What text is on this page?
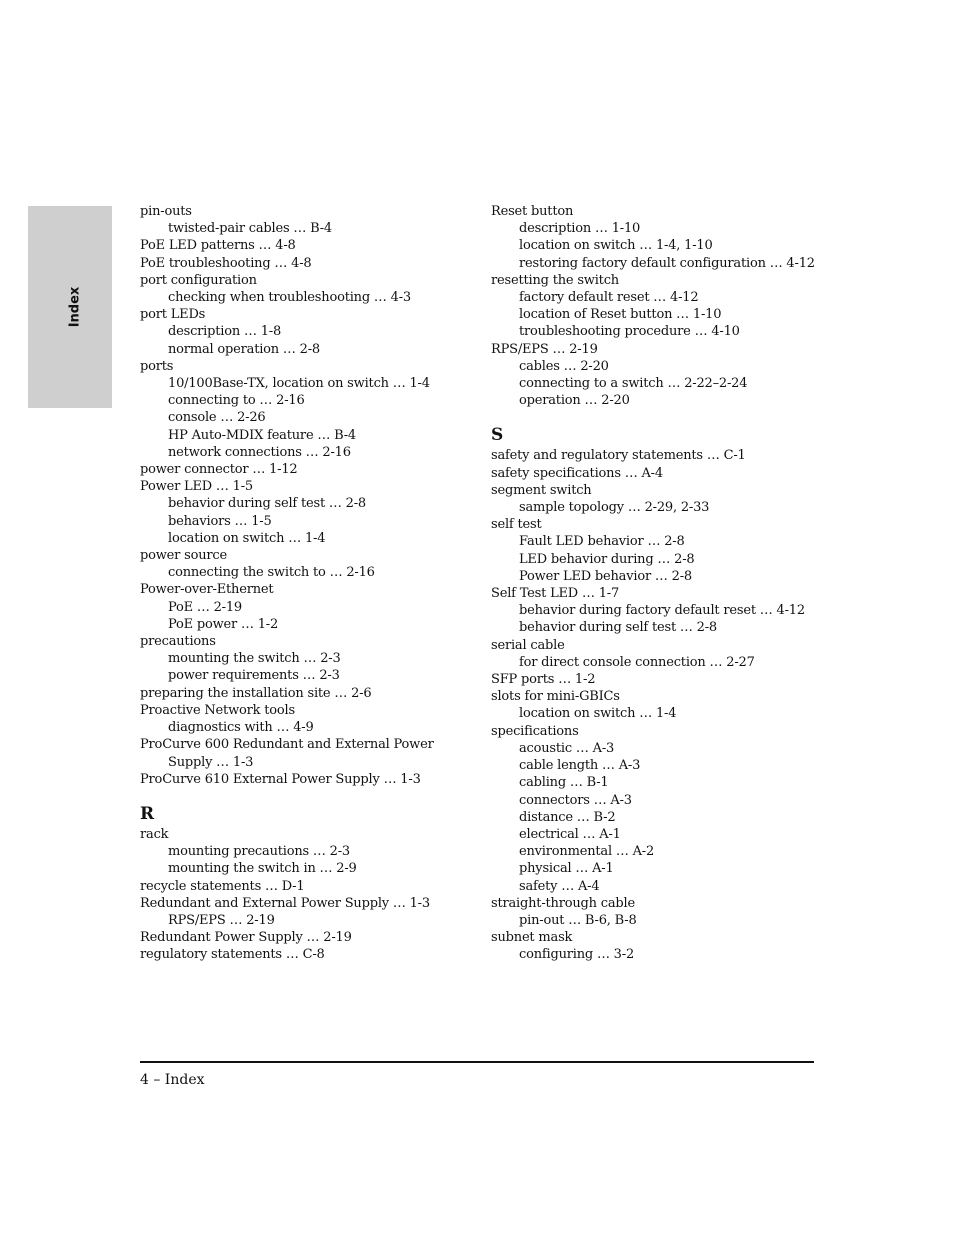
Index
pin-outs
twisted-pair cables … B-4
PoE LED patterns … 4-8
PoE troubleshooting … 4-8
port configuration
checking when troubleshooting … 4-3
port LEDs
description … 1-8
normal operation … 2-8
ports
10/100Base-TX, location on switch … 1-4
connecting to … 2-16
console … 2-26
HP Auto-MDIX feature … B-4
network connections … 2-16
power connector … 1-12
Power LED … 1-5
behavior during self test … 2-8
behaviors … 1-5
location on switch … 1-4
power source
connecting the switch to … 2-16
Power-over-Ethernet
PoE … 2-19
PoE power … 1-2
precautions
mounting the switch … 2-3
power requirements … 2-3
preparing the installation site … 2-6
Proactive Network tools
diagnostics with … 4-9
ProCurve 600 Redundant and External Power
Supply … 1-3
ProCurve 610 External Power Supply … 1-3
R
rack
mounting precautions … 2-3
mounting the switch in … 2-9
recycle statements … D-1
Redundant and External Power Supply … 1-3
RPS/EPS … 2-19
Redundant Power Supply … 2-19
regulatory statements … C-8
Reset button
description … 1-10
location on switch … 1-4, 1-10
restoring factory default configuration … 4-12
resetting the switch
factory default reset … 4-12
location of Reset button … 1-10
troubleshooting procedure … 4-10
RPS/EPS … 2-19
cables … 2-20
connecting to a switch … 2-22–2-24
operation … 2-20
S
safety and regulatory statements … C-1
safety specifications … A-4
segment switch
sample topology … 2-29, 2-33
self test
Fault LED behavior … 2-8
LED behavior during … 2-8
Power LED behavior … 2-8
Self Test LED … 1-7
behavior during factory default reset … 4-12
behavior during self test … 2-8
serial cable
for direct console connection … 2-27
SFP ports … 1-2
slots for mini-GBICs
location on switch … 1-4
specifications
acoustic … A-3
cable length … A-3
cabling … B-1
connectors … A-3
distance … B-2
electrical … A-1
environmental … A-2
physical … A-1
safety … A-4
straight-through cable
pin-out … B-6, B-8
subnet mask
configuring … 3-2
4 – Index
